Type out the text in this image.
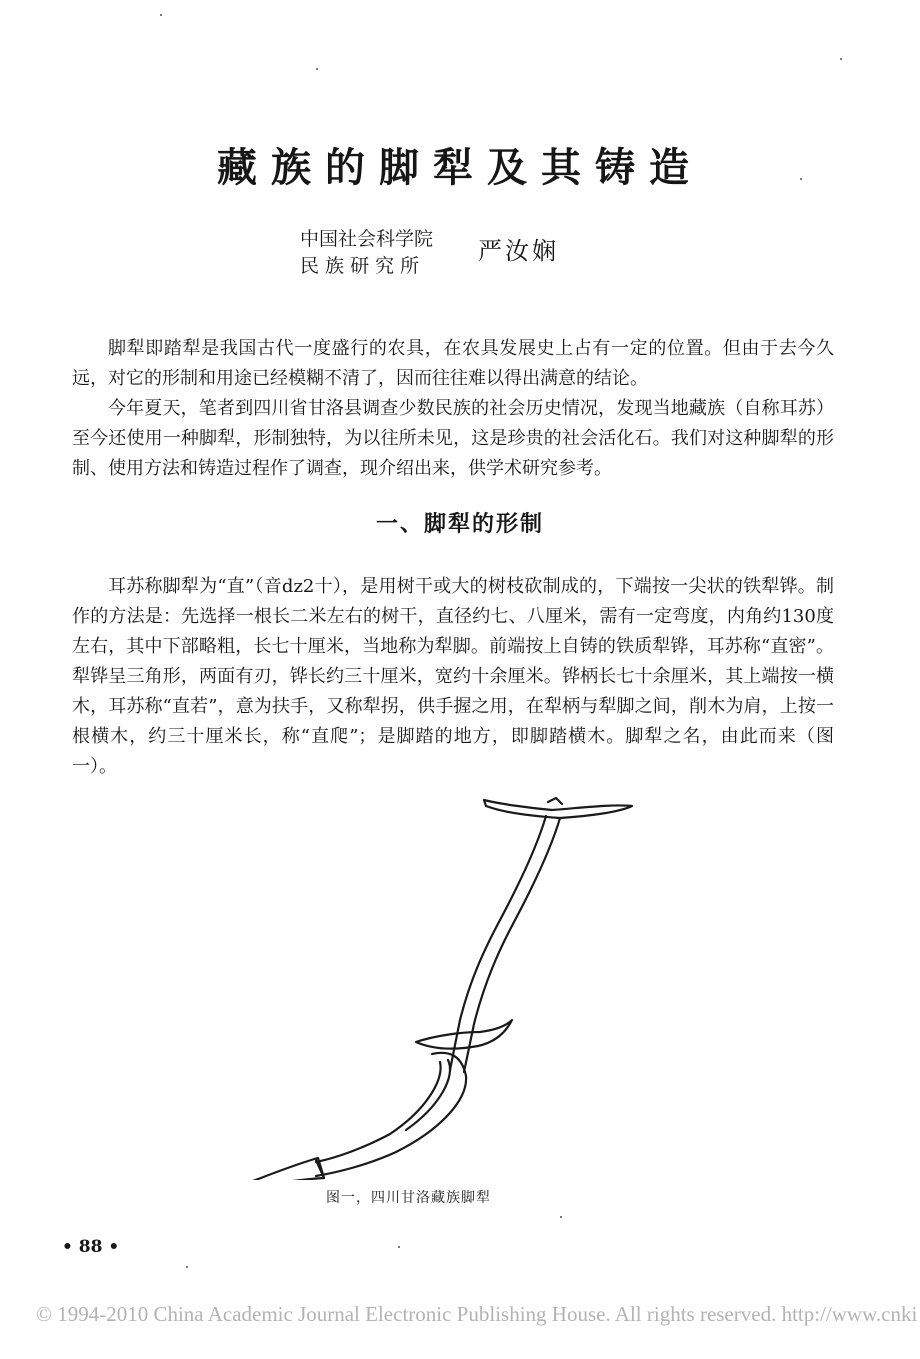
藏族的脚犁及其铸造
中国社会科学院
民 族 研 究 所
严汝娴

脚犁即踏犁是我国古代一度盛行的农具，在农具发展史上占有一定的位置。但由于去今久远，对它的形制和用途已经模糊不清了，因而往往难以得出满意的结论。

今年夏天，笔者到四川省甘洛县调查少数民族的社会历史情况，发现当地藏族（自称耳苏）至今还使用一种脚犁，形制独特，为以往所未见，这是珍贵的社会活化石。我们对这种脚犁的形制、使用方法和铸造过程作了调查，现介绍出来，供学术研究参考。

一、脚犁的形制

耳苏称脚犁为“直”（音dz2十），是用树干或大的树枝砍制成的，下端按一尖状的铁犁铧。制作的方法是：先选择一根长二米左右的树干，直径约七、八厘米，需有一定弯度，内角约130度左右，其中下部略粗，长七十厘米，当地称为犁脚。前端按上自铸的铁质犁铧，耳苏称“直密”。犁铧呈三角形，两面有刃，铧长约三十厘米，宽约十余厘米。铧柄长七十余厘米，其上端按一横木，耳苏称“直若”，意为扶手，又称犁拐，供手握之用，在犁柄与犁脚之间，削木为肩，上按一根横木，约三十厘米长，称“直爬”；是脚踏的地方，即脚踏横木。脚犁之名，由此而来（图一）。

图一，四川甘洛藏族脚犁
• 88 •
© 1994-2010 China Academic Journal Electronic Publishing House. All rights reserved. http://www.cnki
